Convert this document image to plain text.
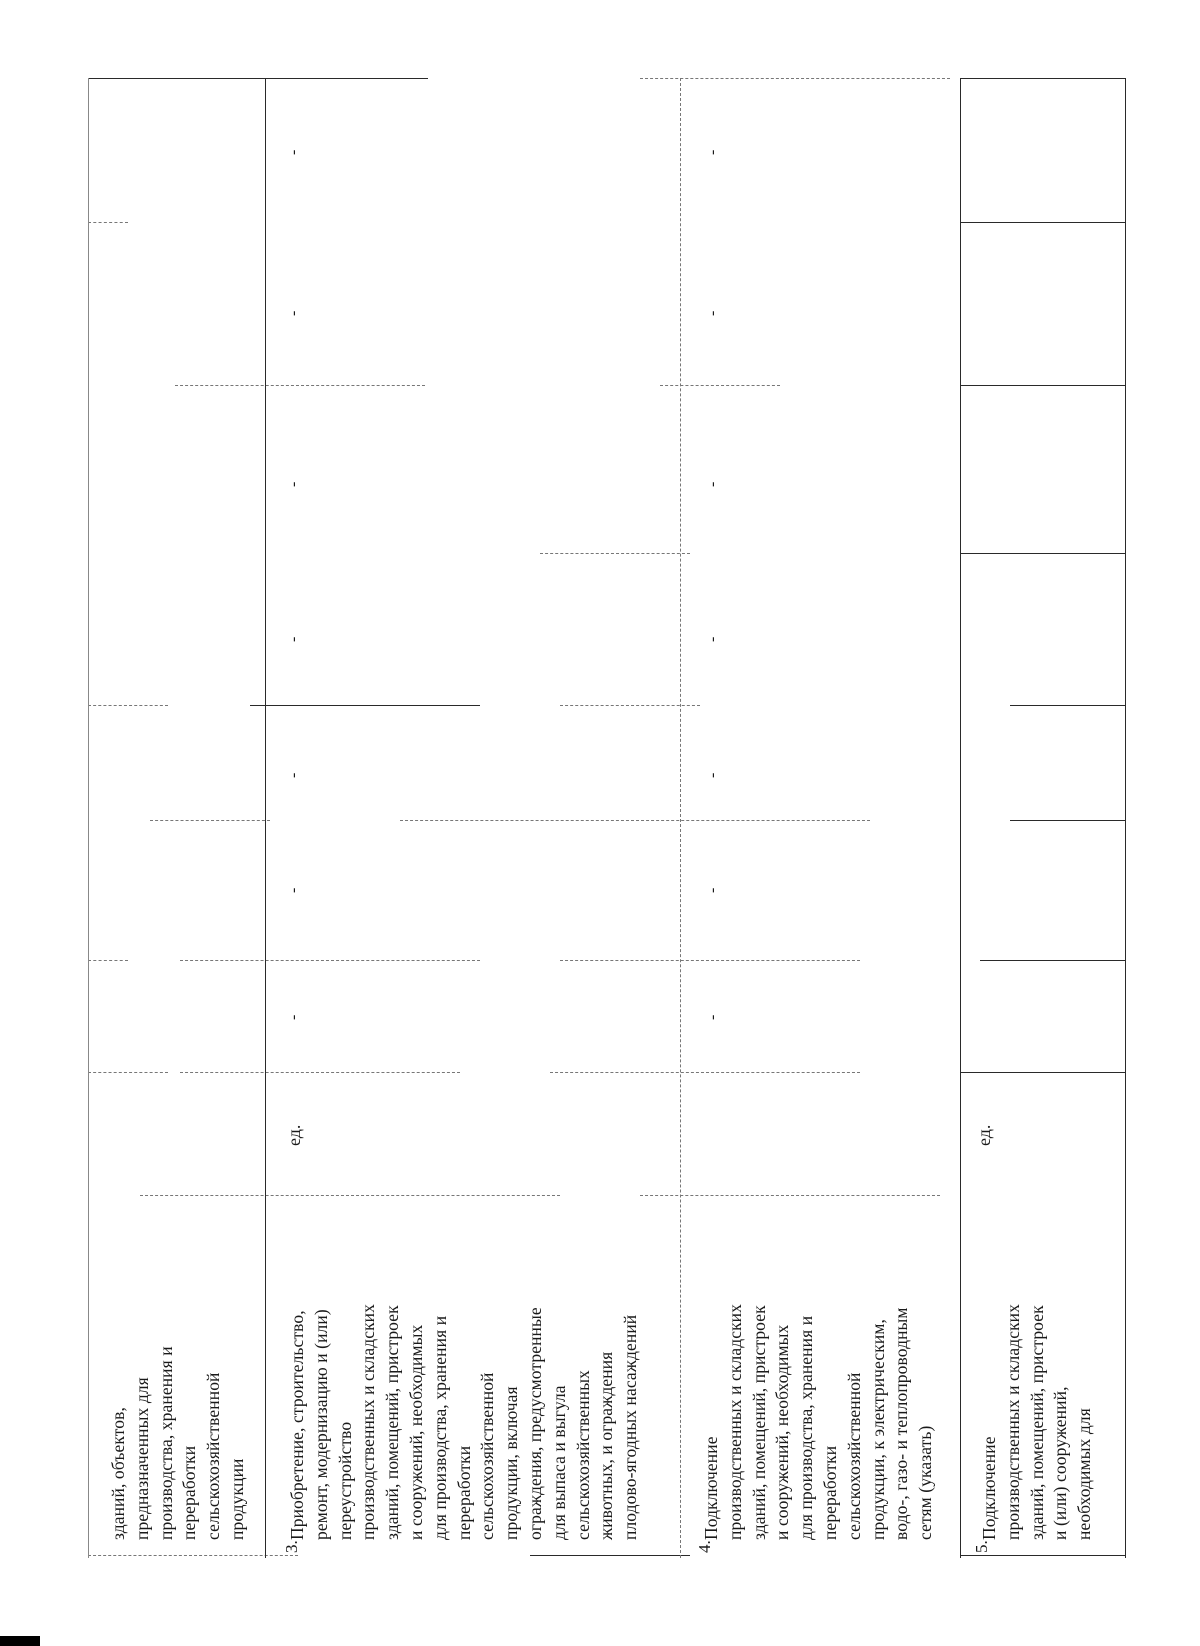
зданий, объектов, предназначенных для производства, хранения и переработки сельскохозяйственной продукции
3.
Приобретение, строительство, ремонт, модернизацию и (или) переустройство производственных и складских зданий, помещений, пристроек и сооружений, необходимых для производства, хранения и переработки сельскохозяйственной продукции, включая ограждения, предусмотренные для выпаса и выгула сельскохозяйственных животных, и ограждения плодово-ягодных насаждений
ед.
-
-
-
-
-
-
-
4.
Подключение производственных и складских зданий, помещений, пристроек и сооружений, необходимых для производства, хранения и переработки сельскохозяйственной продукции, к электрическим, водо-, газо- и теплопроводным сетям (указать)
-
-
-
-
-
-
-
5.
Подключение производственных и складских зданий, помещений, пристроек и (или) сооружений, необходимых для
ед.
